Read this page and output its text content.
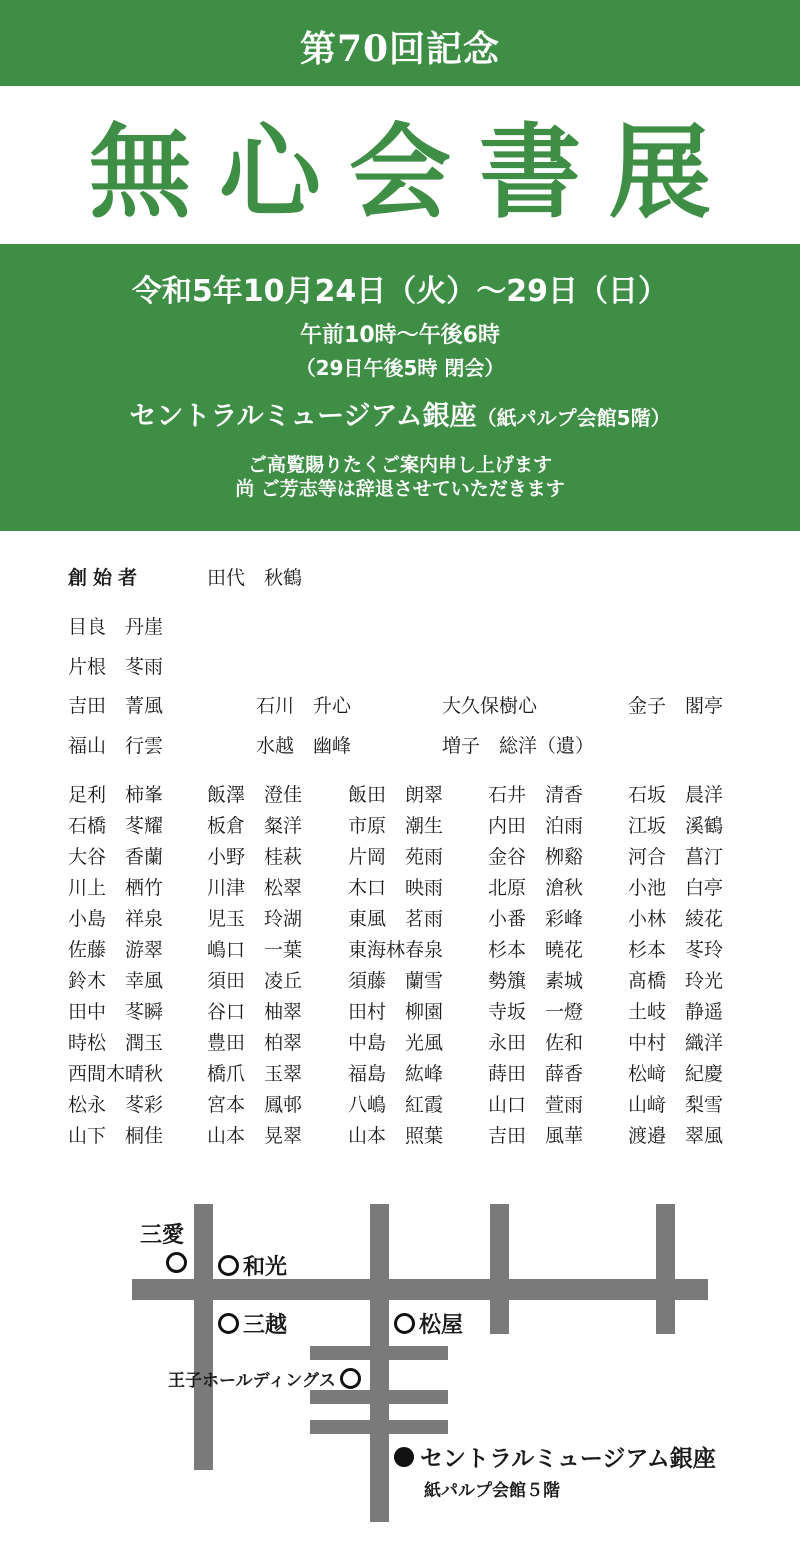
第70回記念
無心会書展
令和5年10月24日（火）〜29日（日）
午前10時〜午後6時
（29日午後5時 閉会）
セントラルミュージアム銀座（紙パルプ会館5階）
ご高覧賜りたくご案内申し上げます
尚 ご芳志等は辞退させていただきます
創始者	田代　秋鶴
目良　丹崖
片根　苳雨
吉田　菁風	石川　升心	大久保樹心	金子　閣亭
福山　行雲	水越　幽峰	増子　総洋（遺）
足利　柿峯 飯澤　澄佳 飯田　朗翠 石井　清香 石坂　晨洋
石橋　苳耀 板倉　粲洋 市原　潮生 内田　泊雨 江坂　溪鶴
大谷　香蘭 小野　桂萩 片岡　苑雨 金谷　栁谿 河合　菖汀
川上　栖竹 川津　松翠 木口　映雨 北原　滄秋 小池　白亭
小島　祥泉 児玉　玲湖 東風　茗雨 小番　彩峰 小林　綾花
佐藤　游翠 嶋口　一葉 東海林春泉 杉本　曉花 杉本　苳玲
鈴木　幸風 須田　凌丘 須藤　蘭雪 勢籏　素城 髙橋　玲光
田中　苳瞬 谷口　柚翠 田村　柳園 寺坂　一燈 土岐　静遥
時松　潤玉 豊田　柏翠 中島　光風 永田　佐和 中村　織洋
西間木晴秋 橋爪　玉翠 福島　紘峰 蒔田　薛香 松﨑　紀慶
松永　苳彩 宮本　鳳邨 八嶋　紅霞 山口　萱雨 山﨑　梨雪
山下　桐佳 山本　晃翠 山本　照葉 吉田　風華 渡邉　翠風
三愛
和光
三越	松屋
王子ホールディングス
セントラルミュージアム銀座
紙パルプ会館５階
